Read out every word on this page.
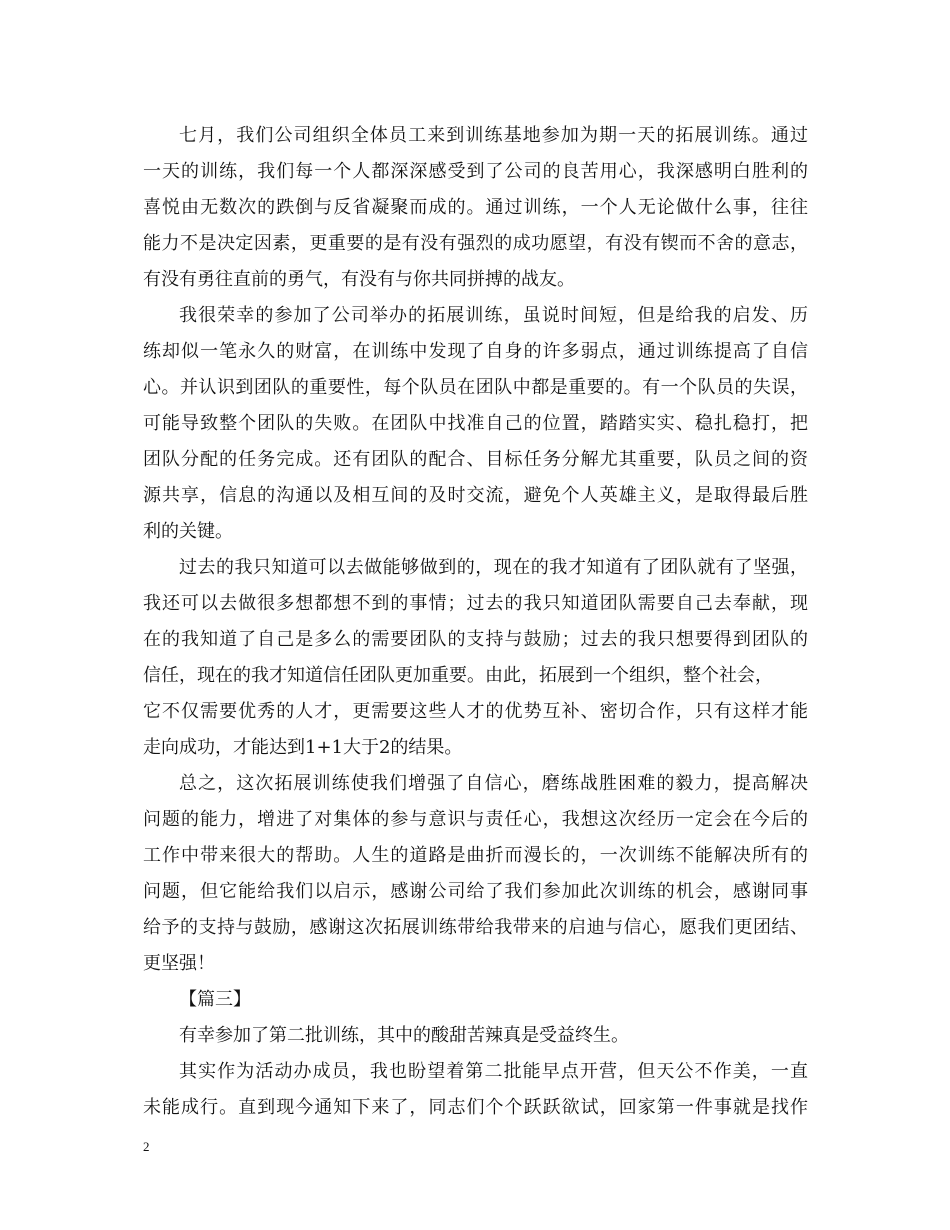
七月，我们公司组织全体员工来到训练基地参加为期一天的拓展训练。通过
一天的训练，我们每一个人都深深感受到了公司的良苦用心，我深感明白胜利的
喜悦由无数次的跌倒与反省凝聚而成的。通过训练，一个人无论做什么事，往往
能力不是决定因素，更重要的是有没有强烈的成功愿望，有没有锲而不舍的意志，
有没有勇往直前的勇气，有没有与你共同拼搏的战友。
我很荣幸的参加了公司举办的拓展训练，虽说时间短，但是给我的启发、历
练却似一笔永久的财富，在训练中发现了自身的许多弱点，通过训练提高了自信
心。并认识到团队的重要性，每个队员在团队中都是重要的。有一个队员的失误，
可能导致整个团队的失败。在团队中找准自己的位置，踏踏实实、稳扎稳打，把
团队分配的任务完成。还有团队的配合、目标任务分解尤其重要，队员之间的资
源共享，信息的沟通以及相互间的及时交流，避免个人英雄主义，是取得最后胜
利的关键。
过去的我只知道可以去做能够做到的，现在的我才知道有了团队就有了坚强，
我还可以去做很多想都想不到的事情；过去的我只知道团队需要自己去奉献，现
在的我知道了自己是多么的需要团队的支持与鼓励；过去的我只想要得到团队的
信任，现在的我才知道信任团队更加重要。由此，拓展到一个组织，整个社会，
它不仅需要优秀的人才，更需要这些人才的优势互补、密切合作，只有这样才能
走向成功，才能达到1+1大于2的结果。
总之，这次拓展训练使我们增强了自信心，磨练战胜困难的毅力，提高解决
问题的能力，增进了对集体的参与意识与责任心，我想这次经历一定会在今后的
工作中带来很大的帮助。人生的道路是曲折而漫长的，一次训练不能解决所有的
问题，但它能给我们以启示，感谢公司给了我们参加此次训练的机会，感谢同事
给予的支持与鼓励，感谢这次拓展训练带给我带来的启迪与信心，愿我们更团结、
更坚强！
【篇三】
有幸参加了第二批训练，其中的酸甜苦辣真是受益终生。
其实作为活动办成员，我也盼望着第二批能早点开营，但天公不作美，一直
未能成行。直到现今通知下来了，同志们个个跃跃欲试，回家第一件事就是找作
2
